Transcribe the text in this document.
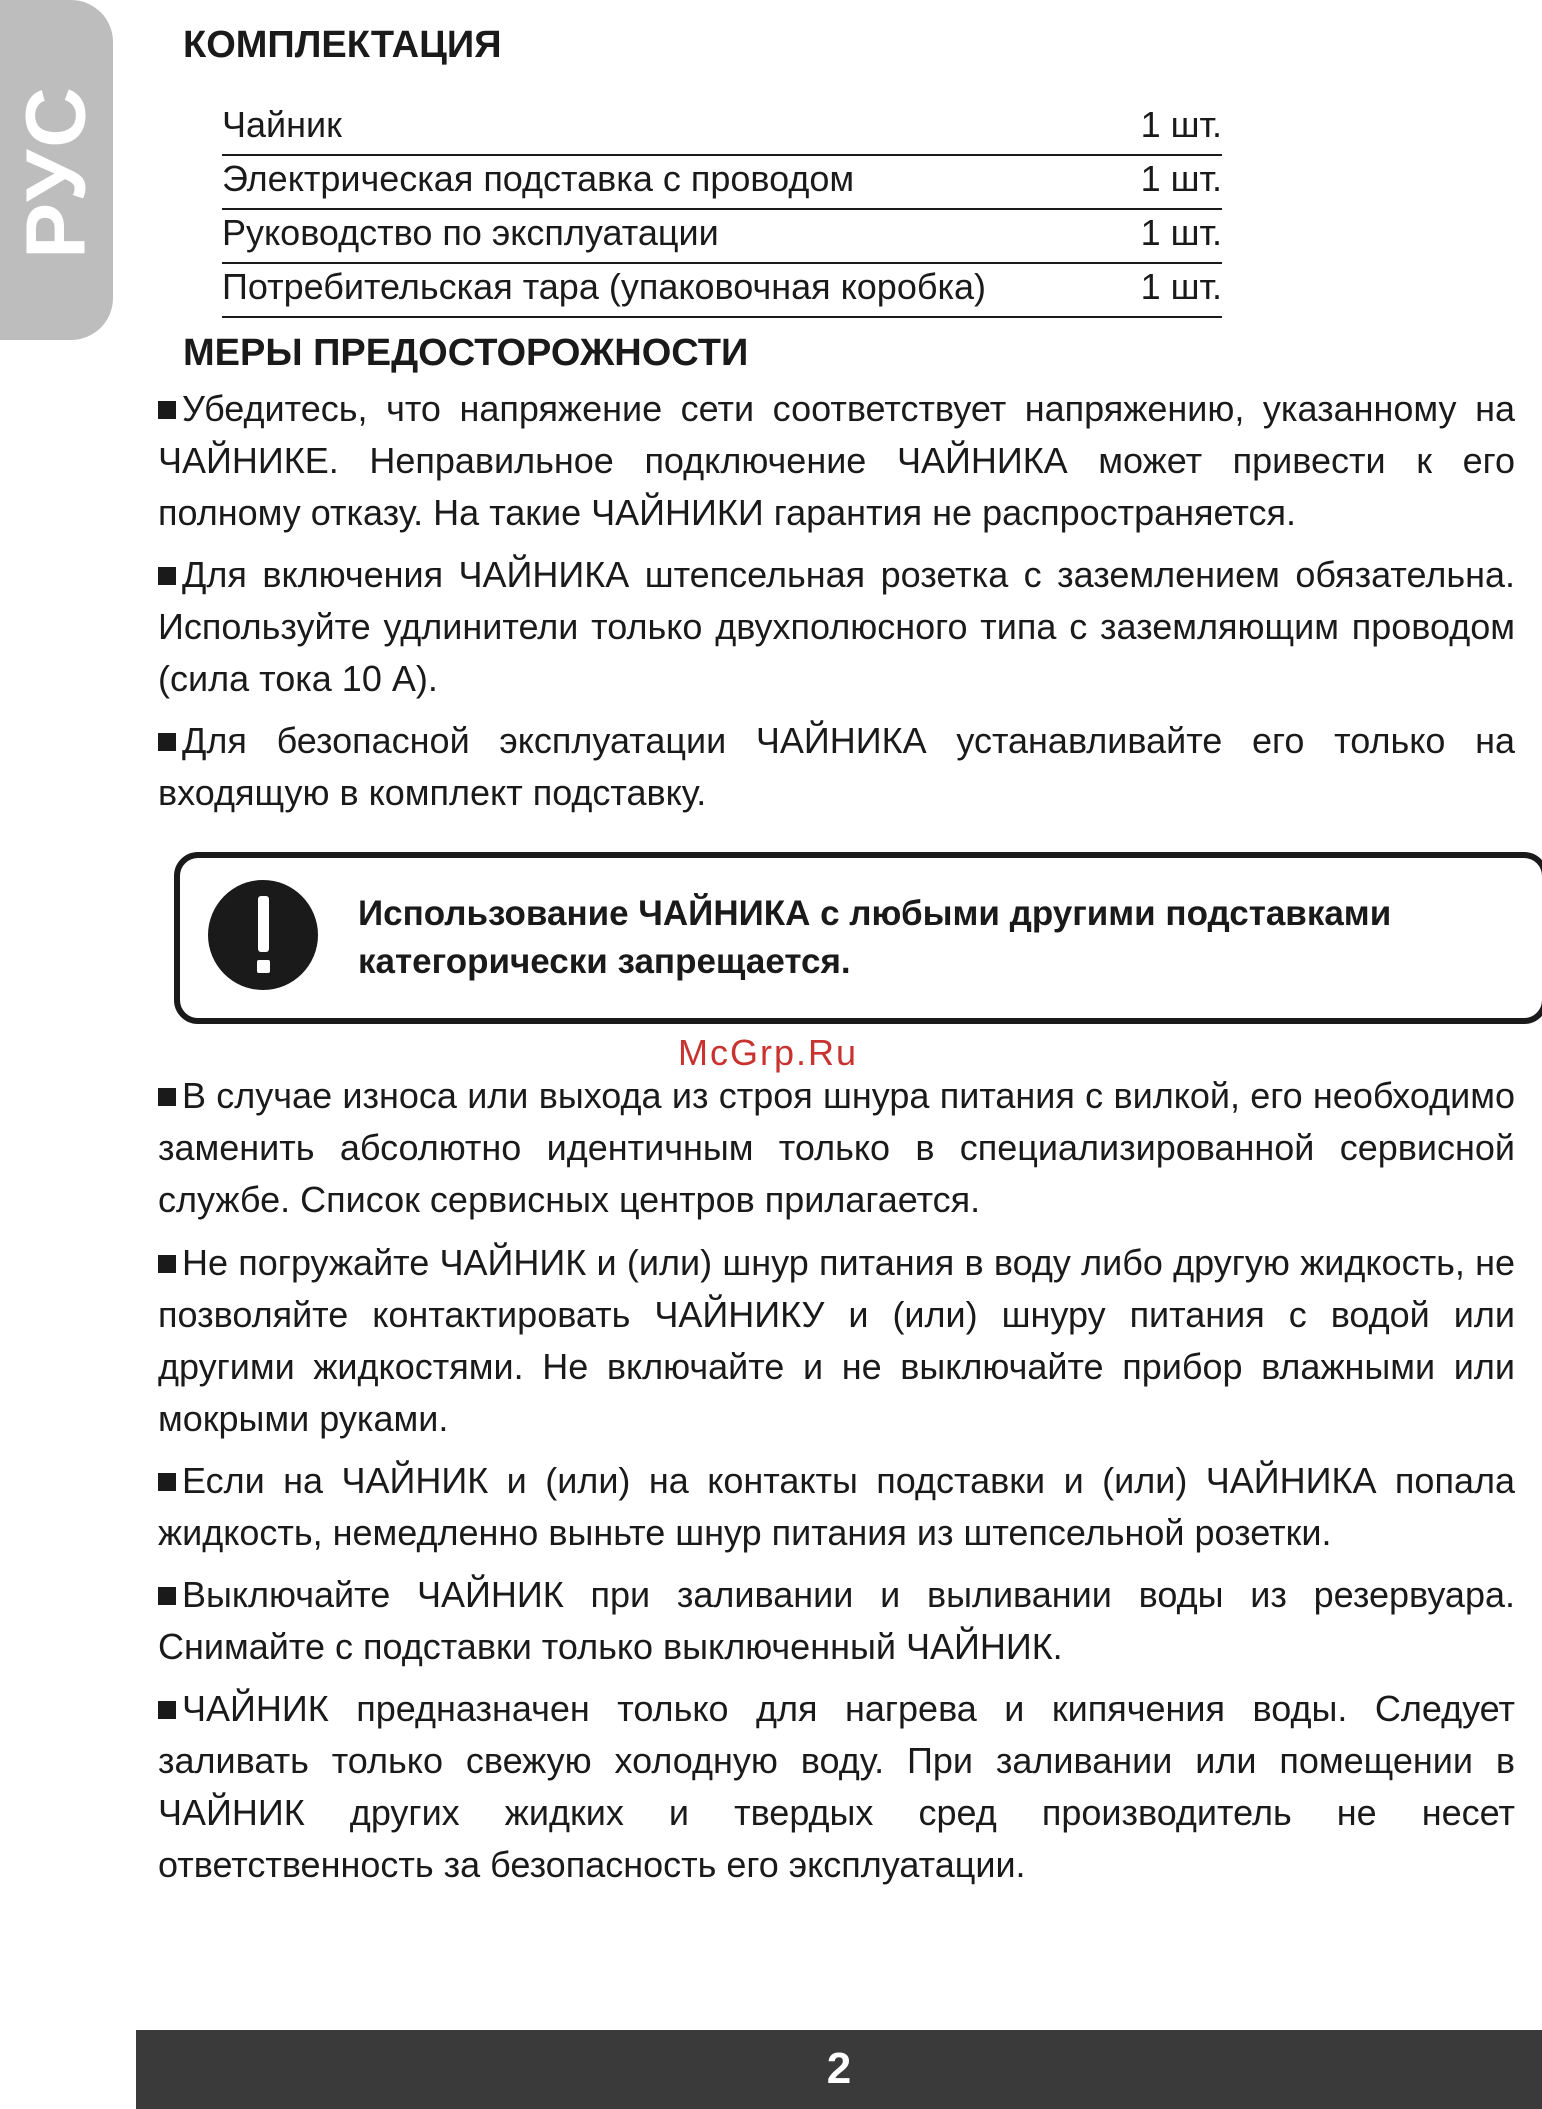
РУС
КОМПЛЕКТАЦИЯ
Чайник	1 шт.
Электрическая подставка с проводом	1 шт.
Руководство по эксплуатации	1 шт.
Потребительская тара (упаковочная коробка)	1 шт.
МЕРЫ ПРЕДОСТОРОЖНОСТИ
Убедитесь, что напряжение сети соответствует напряжению, указанному на ЧАЙНИКЕ. Неправильное подключение ЧАЙНИКА может привести к его полному отказу. На такие ЧАЙНИКИ гарантия не распространяется.
Для включения ЧАЙНИКА штепсельная розетка с заземлением обязательна. Используйте удлинители только двухполюсного типа с заземляющим проводом (сила тока 10 А).
Для безопасной эксплуатации ЧАЙНИКА устанавливайте его только на входящую в комплект подставку.
Использование ЧАЙНИКА с любыми другими подставками категорически запрещается.
McGrp.Ru
В случае износа или выхода из строя шнура питания с вилкой, его необходимо заменить абсолютно идентичным только в специализированной сервисной службе. Список сервисных центров прилагается.
Не погружайте ЧАЙНИК и (или) шнур питания в воду либо другую жидкость, не позволяйте контактировать ЧАЙНИКУ и (или) шнуру питания с водой или другими жидкостями. Не включайте и не выключайте прибор влажными или мокрыми руками.
Если на ЧАЙНИК и (или) на контакты подставки и (или) ЧАЙНИКА попала жидкость, немедленно выньте шнур питания из штепсельной розетки.
Выключайте ЧАЙНИК при заливании и выливании воды из резервуара. Снимайте с подставки только выключенный ЧАЙНИК.
ЧАЙНИК предназначен только для нагрева и кипячения воды. Следует заливать только свежую холодную воду. При заливании или помещении в ЧАЙНИК других жидких и твердых сред производитель не несет ответственность за безопасность его эксплуатации.
2
